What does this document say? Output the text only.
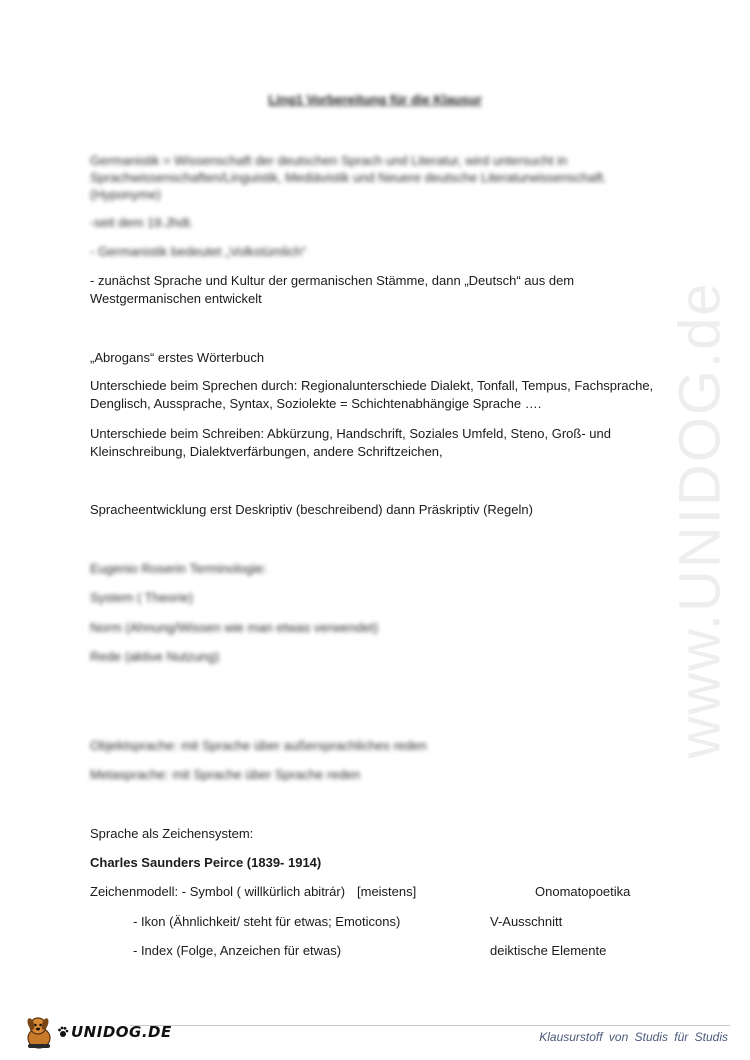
www.UNIDOG.de
Ling1 Vorbereitung für die Klausur
Germanistik = Wissenschaft der deutschen Sprach und Literatur, wird untersucht in
Sprachwissenschaften/Linguistik, Mediävistik und Neuere deutsche Literaturwissenschaft.
(Hyponyme)
-seit dem 19.Jhdt.
- Germanistik bedeutet „Volkstümlich“
- zunächst Sprache und Kultur der germanischen Stämme, dann „Deutsch“ aus dem
Westgermanischen entwickelt
„Abrogans“ erstes Wörterbuch
Unterschiede beim Sprechen durch: Regionalunterschiede Dialekt, Tonfall, Tempus, Fachsprache,
Denglisch, Aussprache, Syntax, Soziolekte = Schichtenabhängige Sprache ….
Unterschiede beim Schreiben: Abkürzung, Handschrift, Soziales Umfeld, Steno, Groß- und
Kleinschreibung, Dialektverfärbungen, andere Schriftzeichen,
Spracheentwicklung erst Deskriptiv (beschreibend) dann Präskriptiv (Regeln)
Eugenio Roserin Terminologie:
System ( Theorie)
Norm (Ahnung/Wissen wie man etwas verwendet)
Rede (aktive Nutzung)
Objektsprache: mit Sprache über außersprachliches reden
Metasprache: mit Sprache über Sprache reden
Sprache als Zeichensystem:
Charles Saunders Peirce (1839- 1914)
Zeichenmodell: - Symbol ( willkürlich abitrár) [meistens]	Onomatopoetika
- Ikon (Ähnlichkeit/ steht für etwas; Emoticons)	V-Ausschnitt
- Index (Folge, Anzeichen für etwas)	deiktische Elemente
UNIDOG.DE	Klausurstoff von Studis für Studis
